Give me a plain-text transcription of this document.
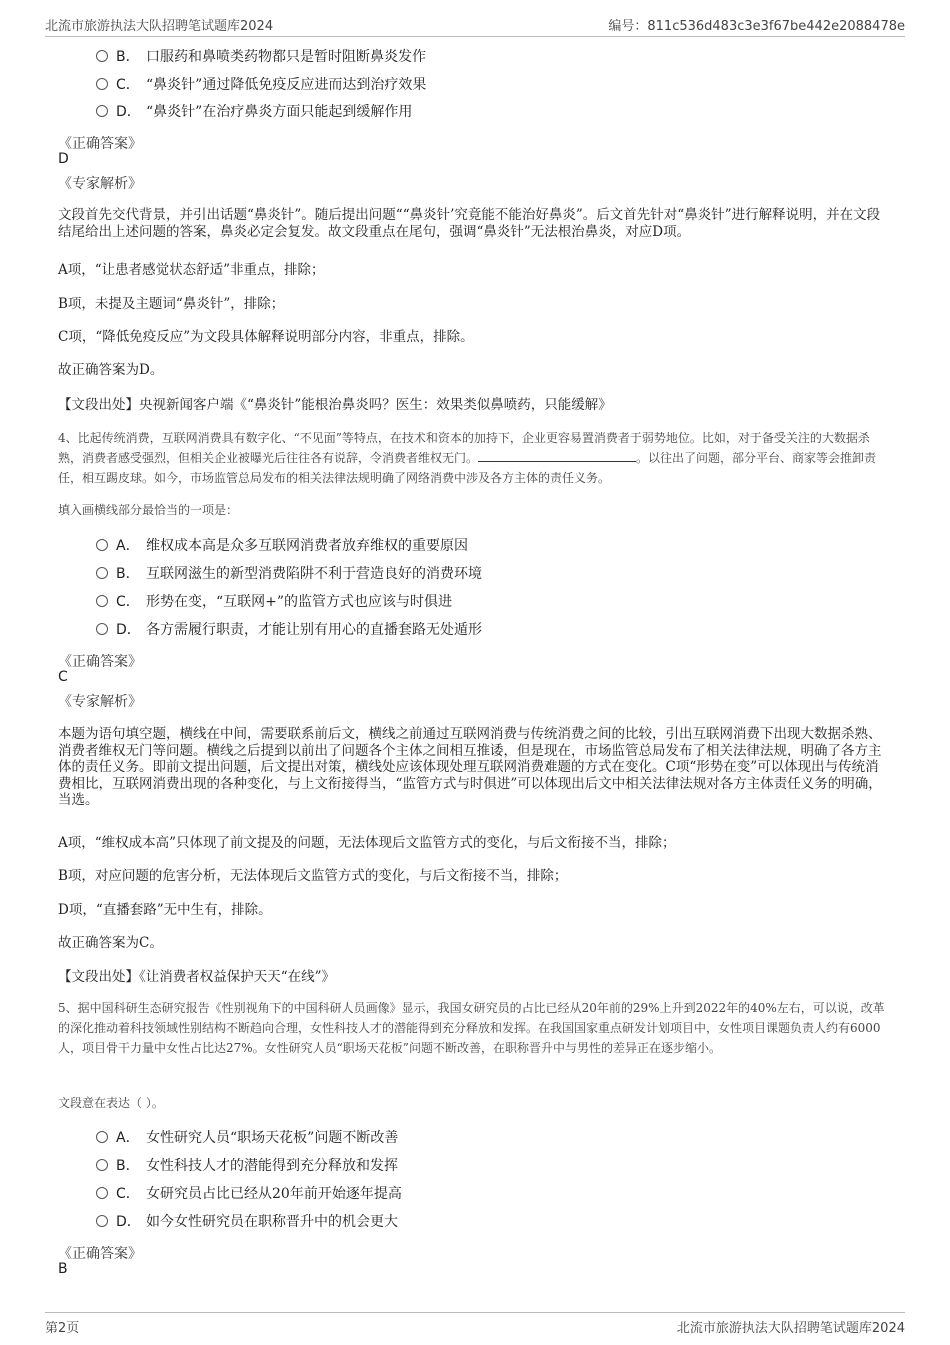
北流市旅游执法大队招聘笔试题库2024	编号：811c536d483c3e3f67be442e2088478e
B． 口服药和鼻喷类药物都只是暂时阻断鼻炎发作
C． “鼻炎针”通过降低免疫反应进而达到治疗效果
D． “鼻炎针”在治疗鼻炎方面只能起到缓解作用
《正确答案》
D
《专家解析》
文段首先交代背景，并引出话题“鼻炎针”。随后提出问题““鼻炎针’究竟能不能治好鼻炎”。后文首先针对“鼻炎针”进行解释说明，并在文段结尾给出上述问题的答案，鼻炎必定会复发。故文段重点在尾句，强调“鼻炎针”无法根治鼻炎，对应D项。
A项，“让患者感觉状态舒适”非重点，排除；
B项，未提及主题词“鼻炎针”，排除；
C项，“降低免疫反应”为文段具体解释说明部分内容，非重点，排除。
故正确答案为D。
【文段出处】央视新闻客户端《“鼻炎针”能根治鼻炎吗？医生：效果类似鼻喷药，只能缓解》
4、比起传统消费，互联网消费具有数字化、“不见面”等特点，在技术和资本的加持下，企业更容易置消费者于弱势地位。比如，对于备受关注的大数据杀熟，消费者感受强烈，但相关企业被曝光后往往各有说辞，令消费者维权无门。	。以往出了问题，部分平台、商家等会推卸责任，相互踢皮球。如今，市场监管总局发布的相关法律法规明确了网络消费中涉及各方主体的责任义务。
填入画横线部分最恰当的一项是：
A． 维权成本高是众多互联网消费者放弃维权的重要原因
B． 互联网滋生的新型消费陷阱不利于营造良好的消费环境
C． 形势在变，“互联网+”的监管方式也应该与时俱进
D． 各方需履行职责，才能让别有用心的直播套路无处遁形
《正确答案》
C
《专家解析》
本题为语句填空题，横线在中间，需要联系前后文，横线之前通过互联网消费与传统消费之间的比较，引出互联网消费下出现大数据杀熟、消费者维权无门等问题。横线之后提到以前出了问题各个主体之间相互推诿，但是现在，市场监管总局发布了相关法律法规，明确了各方主体的责任义务。即前文提出问题，后文提出对策，横线处应该体现处理互联网消费难题的方式在变化。C项“形势在变”可以体现出与传统消费相比，互联网消费出现的各种变化，与上文衔接得当，“监管方式与时俱进”可以体现出后文中相关法律法规对各方主体责任义务的明确，当选。
A项，“维权成本高”只体现了前文提及的问题，无法体现后文监管方式的变化，与后文衔接不当，排除；
B项，对应问题的危害分析，无法体现后文监管方式的变化，与后文衔接不当，排除；
D项，“直播套路”无中生有，排除。
故正确答案为C。
【文段出处】《让消费者权益保护天天“在线”》
5、据中国科研生态研究报告《性别视角下的中国科研人员画像》显示，我国女研究员的占比已经从20年前的29%上升到2022年的40%左右，可以说，改革的深化推动着科技领域性别结构不断趋向合理，女性科技人才的潜能得到充分释放和发挥。在我国国家重点研发计划项目中，女性项目课题负责人约有6000人，项目骨干力量中女性占比达27%。女性研究人员“职场天花板”问题不断改善，在职称晋升中与男性的差异正在逐步缩小。
文段意在表达（ ）。
A． 女性研究人员“职场天花板”问题不断改善
B． 女性科技人才的潜能得到充分释放和发挥
C． 女研究员占比已经从20年前开始逐年提高
D． 如今女性研究员在职称晋升中的机会更大
《正确答案》
B
第2页	北流市旅游执法大队招聘笔试题库2024
